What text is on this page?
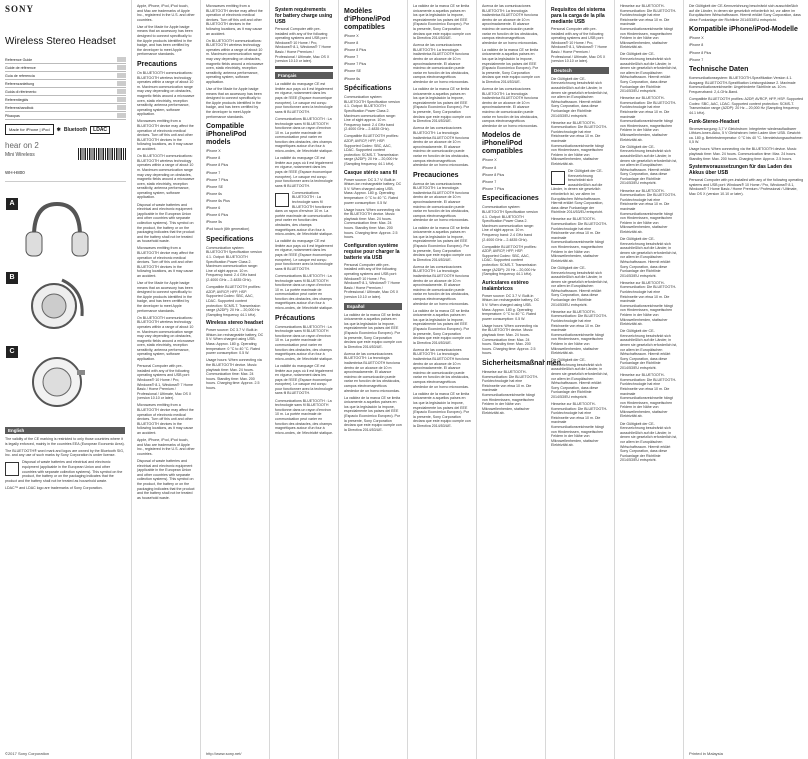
SONY
Wireless Stereo Headset
Reference Guide
Guide de référence
Guía de referencia
Referenzanleitung
Guida di riferimento
Referentiegids
Referenshandbok
Pikaopas
Made for iPhone | iPod	✱ Bluetooth	LDAC
hear on 2
Mini Wireless
WH-H800
A
B
C
English

The validity of the CE marking is restricted to only those countries where it is legally enforced, mainly in the countries EEA (European Economic Area).

The BLUETOOTH® word mark and logos are owned by the Bluetooth SIG, Inc. and any use of such marks by Sony Corporation is under license.

Disposal of waste batteries and electrical and electronic equipment (applicable in the European Union and other countries with separate collection systems). This symbol on the product, the battery or on the packaging indicates that the product and the battery shall not be treated as household waste.

LDAC™ and LDAC logo are trademarks of Sony Corporation.

©2017 Sony Corporation

Apple, iPhone, iPod, iPod touch, and Mac are trademarks of Apple Inc., registered in the U.S. and other countries.

Use of the Made for Apple badge means that an accessory has been designed to connect specifically to the Apple products identified in the badge, and has been certified by the developer to meet Apple performance standards.

Precautions

On BLUETOOTH communications: BLUETOOTH wireless technology operates within a range of about 10 m. Maximum communication range may vary depending on obstacles, magnetic fields around a microwave oven, static electricity, reception sensitivity, antenna performance, operating system, software application.

Microwaves emitting from a BLUETOOTH device may affect the operation of electronic medical devices. Turn off this unit and other BLUETOOTH devices in the following locations, as it may cause an accident.

On BLUETOOTH communications: BLUETOOTH wireless technology operates within a range of about 10 m. Maximum communication range may vary depending on obstacles, magnetic fields around a microwave oven, static electricity, reception sensitivity, antenna performance, operating system, software application.

Disposal of waste batteries and electrical and electronic equipment (applicable in the European Union and other countries with separate collection systems). This symbol on the product, the battery or on the packaging indicates that the product and the battery shall not be treated as household waste.

Microwaves emitting from a BLUETOOTH device may affect the operation of electronic medical devices. Turn off this unit and other BLUETOOTH devices in the following locations, as it may cause an accident.

Use of the Made for Apple badge means that an accessory has been designed to connect specifically to the Apple products identified in the badge, and has been certified by the developer to meet Apple performance standards.

On BLUETOOTH communications: BLUETOOTH wireless technology operates within a range of about 10 m. Maximum communication range may vary depending on obstacles, magnetic fields around a microwave oven, static electricity, reception sensitivity, antenna performance, operating system, software application.

Personal Computer with pre-installed with any of the following operating systems and USB port: Windows® 10 Home / Pro, Windows® 8.1, Windows® 7 Home Basic / Home Premium / Professional / Ultimate, Mac OS X (version 10.10 or later).

Microwaves emitting from a BLUETOOTH device may affect the operation of electronic medical devices. Turn off this unit and other BLUETOOTH devices in the following locations, as it may cause an accident.

Apple, iPhone, iPod, iPod touch, and Mac are trademarks of Apple Inc., registered in the U.S. and other countries.

Disposal of waste batteries and electrical and electronic equipment (applicable in the European Union and other countries with separate collection systems). This symbol on the product, the battery or on the packaging indicates that the product and the battery shall not be treated as household waste.

Microwaves emitting from a BLUETOOTH device may affect the operation of electronic medical devices. Turn off this unit and other BLUETOOTH devices in the following locations, as it may cause an accident.

On BLUETOOTH communications: BLUETOOTH wireless technology operates within a range of about 10 m. Maximum communication range may vary depending on obstacles, magnetic fields around a microwave oven, static electricity, reception sensitivity, antenna performance, operating system, software application.

Use of the Made for Apple badge means that an accessory has been designed to connect specifically to the Apple products identified in the badge, and has been certified by the developer to meet Apple performance standards.

Compatible iPhone/iPod models

iPhone X

iPhone 8

iPhone 8 Plus

iPhone 7

iPhone 7 Plus

iPhone SE

iPhone 6s

iPhone 6s Plus

iPhone 6

iPhone 6 Plus

iPhone 5s

iPod touch (6th generation)

Specifications

Communication system: BLUETOOTH Specification version 4.1. Output: BLUETOOTH Specification Power Class 2. Maximum communication range: Line of sight approx. 10 m. Frequency band: 2.4 GHz band (2.4000 GHz – 2.4835 GHz).

Compatible BLUETOOTH profiles: A2DP, AVRCP, HFP, HSP. Supported Codec: SBC, AAC, LDAC. Supported content protection: SCMS-T. Transmission range (A2DP): 20 Hz – 20,000 Hz (Sampling frequency 44.1 kHz).

Wireless stereo headset

Power source: DC 3.7 V: Built-in lithium-ion rechargeable battery, DC 5 V: When charged using USB. Mass: Approx. 180 g. Operating temperature: 0 °C to 40 °C. Rated power consumption: 0.5 W.

Usage hours: When connecting via the BLUETOOTH device. Music playback time: Max. 24 hours. Communication time: Max. 24 hours. Standby time: Max. 200 hours. Charging time: Approx. 2.5 hours.

http://www.sony.net/
System requirements for battery charge using USB

Personal Computer with pre-installed with any of the following operating systems and USB port: Windows® 10 Home / Pro, Windows® 8.1, Windows® 7 Home Basic / Home Premium / Professional / Ultimate, Mac OS X (version 10.10 or later).

Français

La validité du marquage CE est limitée aux pays où il est légalement en vigueur, notamment dans les pays de l'EEE (Espace économique européen). Le casque est conçu pour fonctionner avec la technologie sans fil BLUETOOTH.

Communications BLUETOOTH : La technologie sans fil BLUETOOTH fonctionne dans un rayon d'environ 10 m. La portée maximale de communication peut varier en fonction des obstacles, des champs magnétiques autour d'un four à micro-ondes, de l'électricité statique.

La validité du marquage CE est limitée aux pays où il est légalement en vigueur, notamment dans les pays de l'EEE (Espace économique européen). Le casque est conçu pour fonctionner avec la technologie sans fil BLUETOOTH.

Communications BLUETOOTH : La technologie sans fil BLUETOOTH fonctionne dans un rayon d'environ 10 m. La portée maximale de communication peut varier en fonction des obstacles, des champs magnétiques autour d'un four à micro-ondes, de l'électricité statique.

La validité du marquage CE est limitée aux pays où il est légalement en vigueur, notamment dans les pays de l'EEE (Espace économique européen). Le casque est conçu pour fonctionner avec la technologie sans fil BLUETOOTH.

Communications BLUETOOTH : La technologie sans fil BLUETOOTH fonctionne dans un rayon d'environ 10 m. La portée maximale de communication peut varier en fonction des obstacles, des champs magnétiques autour d'un four à micro-ondes, de l'électricité statique.

Précautions

Communications BLUETOOTH : La technologie sans fil BLUETOOTH fonctionne dans un rayon d'environ 10 m. La portée maximale de communication peut varier en fonction des obstacles, des champs magnétiques autour d'un four à micro-ondes, de l'électricité statique.

La validité du marquage CE est limitée aux pays où il est légalement en vigueur, notamment dans les pays de l'EEE (Espace économique européen). Le casque est conçu pour fonctionner avec la technologie sans fil BLUETOOTH.

Communications BLUETOOTH : La technologie sans fil BLUETOOTH fonctionne dans un rayon d'environ 10 m. La portée maximale de communication peut varier en fonction des obstacles, des champs magnétiques autour d'un four à micro-ondes, de l'électricité statique.

Modèles d'iPhone/iPod compatibles

iPhone X

iPhone 8

iPhone 8 Plus

iPhone 7

iPhone 7 Plus

iPhone SE

iPhone 6s

Spécifications

Communication system: BLUETOOTH Specification version 4.1. Output: BLUETOOTH Specification Power Class 2. Maximum communication range: Line of sight approx. 10 m. Frequency band: 2.4 GHz band (2.4000 GHz – 2.4835 GHz).

Compatible BLUETOOTH profiles: A2DP, AVRCP, HFP, HSP. Supported Codec: SBC, AAC, LDAC. Supported content protection: SCMS-T. Transmission range (A2DP): 20 Hz – 20,000 Hz (Sampling frequency 44.1 kHz).

Casque stéréo sans fil

Power source: DC 3.7 V: Built-in lithium-ion rechargeable battery, DC 5 V: When charged using USB. Mass: Approx. 180 g. Operating temperature: 0 °C to 40 °C. Rated power consumption: 0.5 W.

Usage hours: When connecting via the BLUETOOTH device. Music playback time: Max. 24 hours. Communication time: Max. 24 hours. Standby time: Max. 200 hours. Charging time: Approx. 2.5 hours.

Configuration système requise pour charger la batterie via USB

Personal Computer with pre-installed with any of the following operating systems and USB port: Windows® 10 Home / Pro, Windows® 8.1, Windows® 7 Home Basic / Home Premium / Professional / Ultimate, Mac OS X (version 10.10 or later).

Español

La validez de la marca CE se limita únicamente a aquellos países en los que la legislación la impone, especialmente los países del EEE (Espacio Económico Europeo). Por la presente, Sony Corporation declara que este equipo cumple con la Directiva 2014/53/UE.

Acerca de las comunicaciones BLUETOOTH: La tecnología inalámbrica BLUETOOTH funciona dentro de un alcance de 10 m aproximadamente. El alcance máximo de comunicación puede variar en función de los obstáculos, campos electromagnéticos alrededor de un horno microondas.

La validez de la marca CE se limita únicamente a aquellos países en los que la legislación la impone, especialmente los países del EEE (Espacio Económico Europeo). Por la presente, Sony Corporation declara que este equipo cumple con la Directiva 2014/53/UE.

La validez de la marca CE se limita únicamente a aquellos países en los que la legislación la impone, especialmente los países del EEE (Espacio Económico Europeo). Por la presente, Sony Corporation declara que este equipo cumple con la Directiva 2014/53/UE.

Acerca de las comunicaciones BLUETOOTH: La tecnología inalámbrica BLUETOOTH funciona dentro de un alcance de 10 m aproximadamente. El alcance máximo de comunicación puede variar en función de los obstáculos, campos electromagnéticos alrededor de un horno microondas.

La validez de la marca CE se limita únicamente a aquellos países en los que la legislación la impone, especialmente los países del EEE (Espacio Económico Europeo). Por la presente, Sony Corporation declara que este equipo cumple con la Directiva 2014/53/UE.

Acerca de las comunicaciones BLUETOOTH: La tecnología inalámbrica BLUETOOTH funciona dentro de un alcance de 10 m aproximadamente. El alcance máximo de comunicación puede variar en función de los obstáculos, campos electromagnéticos alrededor de un horno microondas.

Precauciones

Acerca de las comunicaciones BLUETOOTH: La tecnología inalámbrica BLUETOOTH funciona dentro de un alcance de 10 m aproximadamente. El alcance máximo de comunicación puede variar en función de los obstáculos, campos electromagnéticos alrededor de un horno microondas.

La validez de la marca CE se limita únicamente a aquellos países en los que la legislación la impone, especialmente los países del EEE (Espacio Económico Europeo). Por la presente, Sony Corporation declara que este equipo cumple con la Directiva 2014/53/UE.

Acerca de las comunicaciones BLUETOOTH: La tecnología inalámbrica BLUETOOTH funciona dentro de un alcance de 10 m aproximadamente. El alcance máximo de comunicación puede variar en función de los obstáculos, campos electromagnéticos alrededor de un horno microondas.

La validez de la marca CE se limita únicamente a aquellos países en los que la legislación la impone, especialmente los países del EEE (Espacio Económico Europeo). Por la presente, Sony Corporation declara que este equipo cumple con la Directiva 2014/53/UE.

Acerca de las comunicaciones BLUETOOTH: La tecnología inalámbrica BLUETOOTH funciona dentro de un alcance de 10 m aproximadamente. El alcance máximo de comunicación puede variar en función de los obstáculos, campos electromagnéticos alrededor de un horno microondas.

La validez de la marca CE se limita únicamente a aquellos países en los que la legislación la impone, especialmente los países del EEE (Espacio Económico Europeo). Por la presente, Sony Corporation declara que este equipo cumple con la Directiva 2014/53/UE.

Acerca de las comunicaciones BLUETOOTH: La tecnología inalámbrica BLUETOOTH funciona dentro de un alcance de 10 m aproximadamente. El alcance máximo de comunicación puede variar en función de los obstáculos, campos electromagnéticos alrededor de un horno microondas.

La validez de la marca CE se limita únicamente a aquellos países en los que la legislación la impone, especialmente los países del EEE (Espacio Económico Europeo). Por la presente, Sony Corporation declara que este equipo cumple con la Directiva 2014/53/UE.

Acerca de las comunicaciones BLUETOOTH: La tecnología inalámbrica BLUETOOTH funciona dentro de un alcance de 10 m aproximadamente. El alcance máximo de comunicación puede variar en función de los obstáculos, campos electromagnéticos alrededor de un horno microondas.

Modelos de iPhone/iPod compatibles

iPhone X

iPhone 8

iPhone 8 Plus

iPhone 7

iPhone 7 Plus

Especificaciones

Communication system: BLUETOOTH Specification version 4.1. Output: BLUETOOTH Specification Power Class 2. Maximum communication range: Line of sight approx. 10 m. Frequency band: 2.4 GHz band (2.4000 GHz – 2.4835 GHz).

Compatible BLUETOOTH profiles: A2DP, AVRCP, HFP, HSP. Supported Codec: SBC, AAC, LDAC. Supported content protection: SCMS-T. Transmission range (A2DP): 20 Hz – 20,000 Hz (Sampling frequency 44.1 kHz).

Auriculares estéreo inalámbricos

Power source: DC 3.7 V: Built-in lithium-ion rechargeable battery, DC 5 V: When charged using USB. Mass: Approx. 180 g. Operating temperature: 0 °C to 40 °C. Rated power consumption: 0.5 W.

Usage hours: When connecting via the BLUETOOTH device. Music playback time: Max. 24 hours. Communication time: Max. 24 hours. Standby time: Max. 200 hours. Charging time: Approx. 2.5 hours.

Sicherheitsmaßnahmen

Hinweise zur BLUETOOTH-Kommunikation: Die BLUETOOTH-Funktechnologie hat eine Reichweite von etwa 10 m. Die maximale Kommunikationsreichweite hängt von Hindernissen, magnetischen Feldern in der Nähe von Mikrowellenherden, statischer Elektrizität ab.

Requisitos del sistema para la carga de la pila mediante USB

Personal Computer with pre-installed with any of the following operating systems and USB port: Windows® 10 Home / Pro, Windows® 8.1, Windows® 7 Home Basic / Home Premium / Professional / Ultimate, Mac OS X (version 10.10 or later).

Deutsch

Die Gültigkeit der CE-Kennzeichnung beschränkt sich ausschließlich auf die Länder, in denen sie gesetzlich erforderlich ist, vor allem im Europäischen Wirtschaftsraum. Hiermit erklärt Sony Corporation, dass diese Funkanlage der Richtlinie 2014/53/EU entspricht.

Hinweise zur BLUETOOTH-Kommunikation: Die BLUETOOTH-Funktechnologie hat eine Reichweite von etwa 10 m. Die maximale Kommunikationsreichweite hängt von Hindernissen, magnetischen Feldern in der Nähe von Mikrowellenherden, statischer Elektrizität ab.

Die Gültigkeit der CE-Kennzeichnung beschränkt sich ausschließlich auf die Länder, in denen sie gesetzlich erforderlich ist, vor allem im Europäischen Wirtschaftsraum. Hiermit erklärt Sony Corporation, dass diese Funkanlage der Richtlinie 2014/53/EU entspricht.

Hinweise zur BLUETOOTH-Kommunikation: Die BLUETOOTH-Funktechnologie hat eine Reichweite von etwa 10 m. Die maximale Kommunikationsreichweite hängt von Hindernissen, magnetischen Feldern in der Nähe von Mikrowellenherden, statischer Elektrizität ab.

Die Gültigkeit der CE-Kennzeichnung beschränkt sich ausschließlich auf die Länder, in denen sie gesetzlich erforderlich ist, vor allem im Europäischen Wirtschaftsraum. Hiermit erklärt Sony Corporation, dass diese Funkanlage der Richtlinie 2014/53/EU entspricht.

Hinweise zur BLUETOOTH-Kommunikation: Die BLUETOOTH-Funktechnologie hat eine Reichweite von etwa 10 m. Die maximale Kommunikationsreichweite hängt von Hindernissen, magnetischen Feldern in der Nähe von Mikrowellenherden, statischer Elektrizität ab.

Die Gültigkeit der CE-Kennzeichnung beschränkt sich ausschließlich auf die Länder, in denen sie gesetzlich erforderlich ist, vor allem im Europäischen Wirtschaftsraum. Hiermit erklärt Sony Corporation, dass diese Funkanlage der Richtlinie 2014/53/EU entspricht.

Hinweise zur BLUETOOTH-Kommunikation: Die BLUETOOTH-Funktechnologie hat eine Reichweite von etwa 10 m. Die maximale Kommunikationsreichweite hängt von Hindernissen, magnetischen Feldern in der Nähe von Mikrowellenherden, statischer Elektrizität ab.

Hinweise zur BLUETOOTH-Kommunikation: Die BLUETOOTH-Funktechnologie hat eine Reichweite von etwa 10 m. Die maximale Kommunikationsreichweite hängt von Hindernissen, magnetischen Feldern in der Nähe von Mikrowellenherden, statischer Elektrizität ab.

Die Gültigkeit der CE-Kennzeichnung beschränkt sich ausschließlich auf die Länder, in denen sie gesetzlich erforderlich ist, vor allem im Europäischen Wirtschaftsraum. Hiermit erklärt Sony Corporation, dass diese Funkanlage der Richtlinie 2014/53/EU entspricht.

Hinweise zur BLUETOOTH-Kommunikation: Die BLUETOOTH-Funktechnologie hat eine Reichweite von etwa 10 m. Die maximale Kommunikationsreichweite hängt von Hindernissen, magnetischen Feldern in der Nähe von Mikrowellenherden, statischer Elektrizität ab.

Die Gültigkeit der CE-Kennzeichnung beschränkt sich ausschließlich auf die Länder, in denen sie gesetzlich erforderlich ist, vor allem im Europäischen Wirtschaftsraum. Hiermit erklärt Sony Corporation, dass diese Funkanlage der Richtlinie 2014/53/EU entspricht.

Hinweise zur BLUETOOTH-Kommunikation: Die BLUETOOTH-Funktechnologie hat eine Reichweite von etwa 10 m. Die maximale Kommunikationsreichweite hängt von Hindernissen, magnetischen Feldern in der Nähe von Mikrowellenherden, statischer Elektrizität ab.

Die Gültigkeit der CE-Kennzeichnung beschränkt sich ausschließlich auf die Länder, in denen sie gesetzlich erforderlich ist, vor allem im Europäischen Wirtschaftsraum. Hiermit erklärt Sony Corporation, dass diese Funkanlage der Richtlinie 2014/53/EU entspricht.

Hinweise zur BLUETOOTH-Kommunikation: Die BLUETOOTH-Funktechnologie hat eine Reichweite von etwa 10 m. Die maximale Kommunikationsreichweite hängt von Hindernissen, magnetischen Feldern in der Nähe von Mikrowellenherden, statischer Elektrizität ab.

Die Gültigkeit der CE-Kennzeichnung beschränkt sich ausschließlich auf die Länder, in denen sie gesetzlich erforderlich ist, vor allem im Europäischen Wirtschaftsraum. Hiermit erklärt Sony Corporation, dass diese Funkanlage der Richtlinie 2014/53/EU entspricht.

Hinweise zur BLUETOOTH-Kommunikation: Die BLUETOOTH-Funktechnologie hat eine Reichweite von etwa 10 m. Die maximale Kommunikationsreichweite hängt von Hindernissen, magnetischen Feldern in der Nähe von Mikrowellenherden, statischer Elektrizität ab.

Die Gültigkeit der CE-Kennzeichnung beschränkt sich ausschließlich auf die Länder, in denen sie gesetzlich erforderlich ist, vor allem im Europäischen Wirtschaftsraum. Hiermit erklärt Sony Corporation, dass diese Funkanlage der Richtlinie 2014/53/EU entspricht.

Die Gültigkeit der CE-Kennzeichnung beschränkt sich ausschließlich auf die Länder, in denen sie gesetzlich erforderlich ist, vor allem im Europäischen Wirtschaftsraum. Hiermit erklärt Sony Corporation, dass diese Funkanlage der Richtlinie 2014/53/EU entspricht.

Kompatible iPhone/iPod-Modelle

iPhone X

iPhone 8

iPhone 8 Plus

iPhone 7

Technische Daten

Kommunikationssystem: BLUETOOTH-Spezifikation Version 4.1. Ausgang: BLUETOOTH-Spezifikation Leistungsklasse 2. Maximale Kommunikationsreichweite: Ungehinderte Sichtlinie ca. 10 m. Frequenzband: 2,4-GHz-Band.

Compatible BLUETOOTH profiles: A2DP, AVRCP, HFP, HSP. Supported Codec: SBC, AAC, LDAC. Supported content protection: SCMS-T. Transmission range (A2DP): 20 Hz – 20,000 Hz (Sampling frequency 44.1 kHz).

Funk-Stereo-Headset

Stromversorgung: 3,7 V Gleichstrom: Integrierter wiederaufladbarer Lithium-Ionen-Akku, 5 V Gleichstrom: beim Laden über USB. Gewicht: ca. 180 g. Betriebstemperatur: 0 °C bis 40 °C. Nennleistungsaufnahme: 0,5 W.

Usage hours: When connecting via the BLUETOOTH device. Music playback time: Max. 24 hours. Communication time: Max. 24 hours. Standby time: Max. 200 hours. Charging time: Approx. 2.5 hours.

Systemvoraussetzungen für das Laden des Akkus über USB

Personal Computer with pre-installed with any of the following operating systems and USB port: Windows® 10 Home / Pro, Windows® 8.1, Windows® 7 Home Basic / Home Premium / Professional / Ultimate, Mac OS X (version 10.10 or later).

Printed in Malaysia
